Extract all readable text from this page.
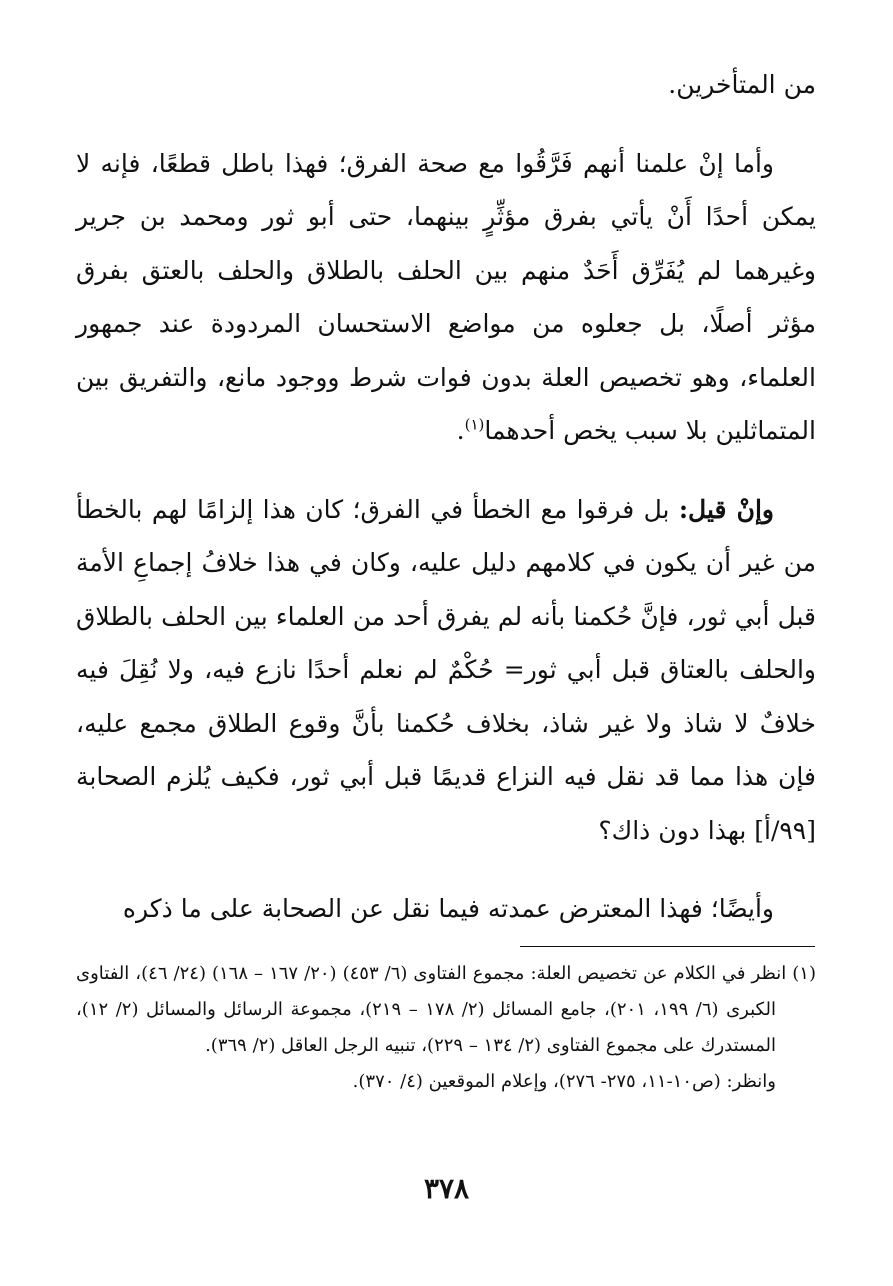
من المتأخرين.

وأما إنْ علمنا أنهم فَرَّقُوا مع صحة الفرق؛ فهذا باطل قطعًا، فإنه لا يمكن أحدًا أَنْ يأتي بفرق مؤثِّرٍ بينهما، حتى أبو ثور ومحمد بن جرير وغيرهما لم يُفَرِّق أَحَدٌ منهم بين الحلف بالطلاق والحلف بالعتق بفرق مؤثر أصلًا، بل جعلوه من مواضع الاستحسان المردودة عند جمهور العلماء، وهو تخصيص العلة بدون فوات شرط ووجود مانع، والتفريق بين المتماثلين بلا سبب يخص أحدهما$^{(١)}$.

وإنْ قيل: بل فرقوا مع الخطأ في الفرق؛ كان هذا إلزامًا لهم بالخطأ من غير أن يكون في كلامهم دليل عليه، وكان في هذا خلافُ إجماعِ الأمة قبل أبي ثور، فإنَّ حُكمنا بأنه لم يفرق أحد من العلماء بين الحلف بالطلاق والحلف بالعتاق قبل أبي ثور= حُكْمٌ لم نعلم أحدًا نازع فيه، ولا نُقِلَ فيه خلافٌ لا شاذ ولا غير شاذ، بخلاف حُكمنا بأنَّ وقوع الطلاق مجمع عليه، فإن هذا مما قد نقل فيه النزاع قديمًا قبل أبي ثور، فكيف يُلزم الصحابة [٩٩/أ] بهذا دون ذاك؟

وأيضًا؛ فهذا المعترض عمدته فيما نقل عن الصحابة على ما ذكره

(١) انظر في الكلام عن تخصيص العلة: مجموع الفتاوى (٦/ ٤٥٣) (٢٠/ ١٦٧ – ١٦٨) (٢٤/ ٤٦)، الفتاوى الكبرى (٦/ ١٩٩، ٢٠١)، جامع المسائل (٢/ ١٧٨ – ٢١٩)، مجموعة الرسائل والمسائل (٢/ ١٢)، المستدرك على مجموع الفتاوى (٢/ ١٣٤ – ٢٢٩)، تنبيه الرجل العاقل (٢/ ٣٦٩).

وانظر: (ص١٠-١١، ٢٧٥- ٢٧٦)، وإعلام الموقعين (٤/ ٣٧٠).

٣٧٨
